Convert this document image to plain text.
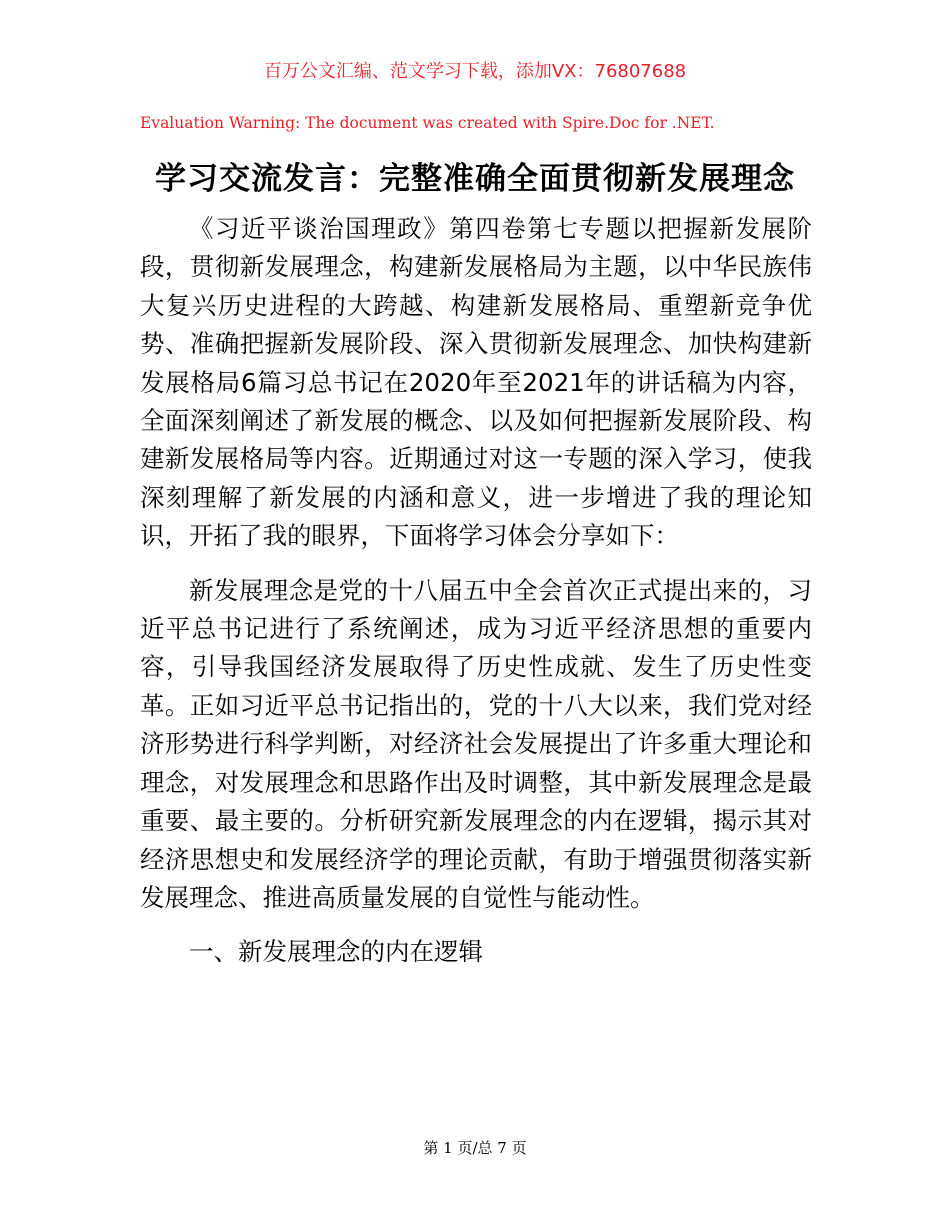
百万公文汇编、范文学习下载，添加VX：76807688
Evaluation Warning: The document was created with Spire.Doc for .NET.
学习交流发言：完整准确全面贯彻新发展理念

《习近平谈治国理政》第四卷第七专题以把握新发展阶段，贯彻新发展理念，构建新发展格局为主题，以中华民族伟大复兴历史进程的大跨越、构建新发展格局、重塑新竞争优势、准确把握新发展阶段、深入贯彻新发展理念、加快构建新发展格局6篇习总书记在2020年至2021年的讲话稿为内容，全面深刻阐述了新发展的概念、以及如何把握新发展阶段、构建新发展格局等内容。近期通过对这一专题的深入学习，使我深刻理解了新发展的内涵和意义，进一步增进了我的理论知识，开拓了我的眼界，下面将学习体会分享如下：

新发展理念是党的十八届五中全会首次正式提出来的，习近平总书记进行了系统阐述，成为习近平经济思想的重要内容，引导我国经济发展取得了历史性成就、发生了历史性变革。正如习近平总书记指出的，党的十八大以来，我们党对经济形势进行科学判断，对经济社会发展提出了许多重大理论和理念，对发展理念和思路作出及时调整，其中新发展理念是最重要、最主要的。分析研究新发展理念的内在逻辑，揭示其对经济思想史和发展经济学的理论贡献，有助于增强贯彻落实新发展理念、推进高质量发展的自觉性与能动性。

一、新发展理念的内在逻辑

第 1 页/总 7 页
